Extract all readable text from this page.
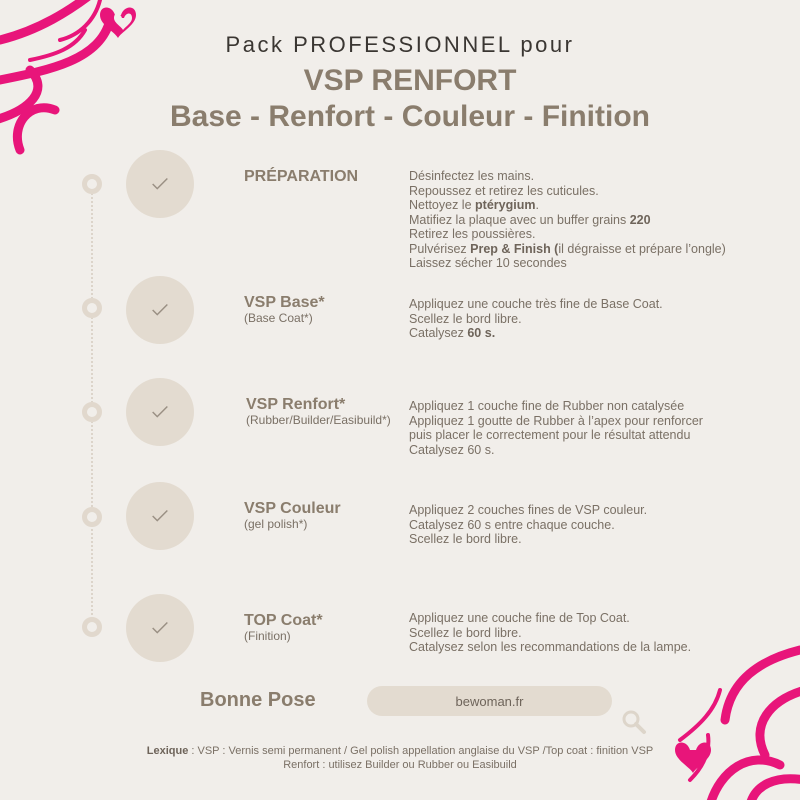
Pack PROFESSIONNEL pour
VSP RENFORT
Base - Renfort - Couleur - Finition
PRÉPARATION	Désinfectez les mains.
Repoussez et retirez les cuticules.
Nettoyez le ptérygium.
Matifiez la plaque avec un buffer grains 220
Retirez les poussières.
Pulvérisez Prep & Finish (il dégraisse et prépare l’ongle)
Laissez sécher 10 secondes
VSP Base*
(Base Coat*)
Appliquez une couche très fine de Base Coat.
Scellez le bord libre.
Catalysez 60 s.
VSP Renfort*
(Rubber/Builder/Easibuild*)
Appliquez 1 couche fine de Rubber non catalysée
Appliquez 1 goutte de Rubber à l’apex pour renforcer
puis placer le correctement pour le résultat attendu
Catalysez 60 s.
VSP Couleur
(gel polish*)
Appliquez 2 couches fines de VSP couleur.
Catalysez 60 s entre chaque couche.
Scellez le bord libre.
TOP Coat*
(Finition)
Appliquez une couche fine de Top Coat.
Scellez le bord libre.
Catalysez selon les recommandations de la lampe.
Bonne Pose	bewoman.fr
Lexique : VSP : Vernis semi permanent / Gel polish appellation anglaise du VSP /Top coat : finition VSP
Renfort : utilisez Builder ou Rubber ou Easibuild
